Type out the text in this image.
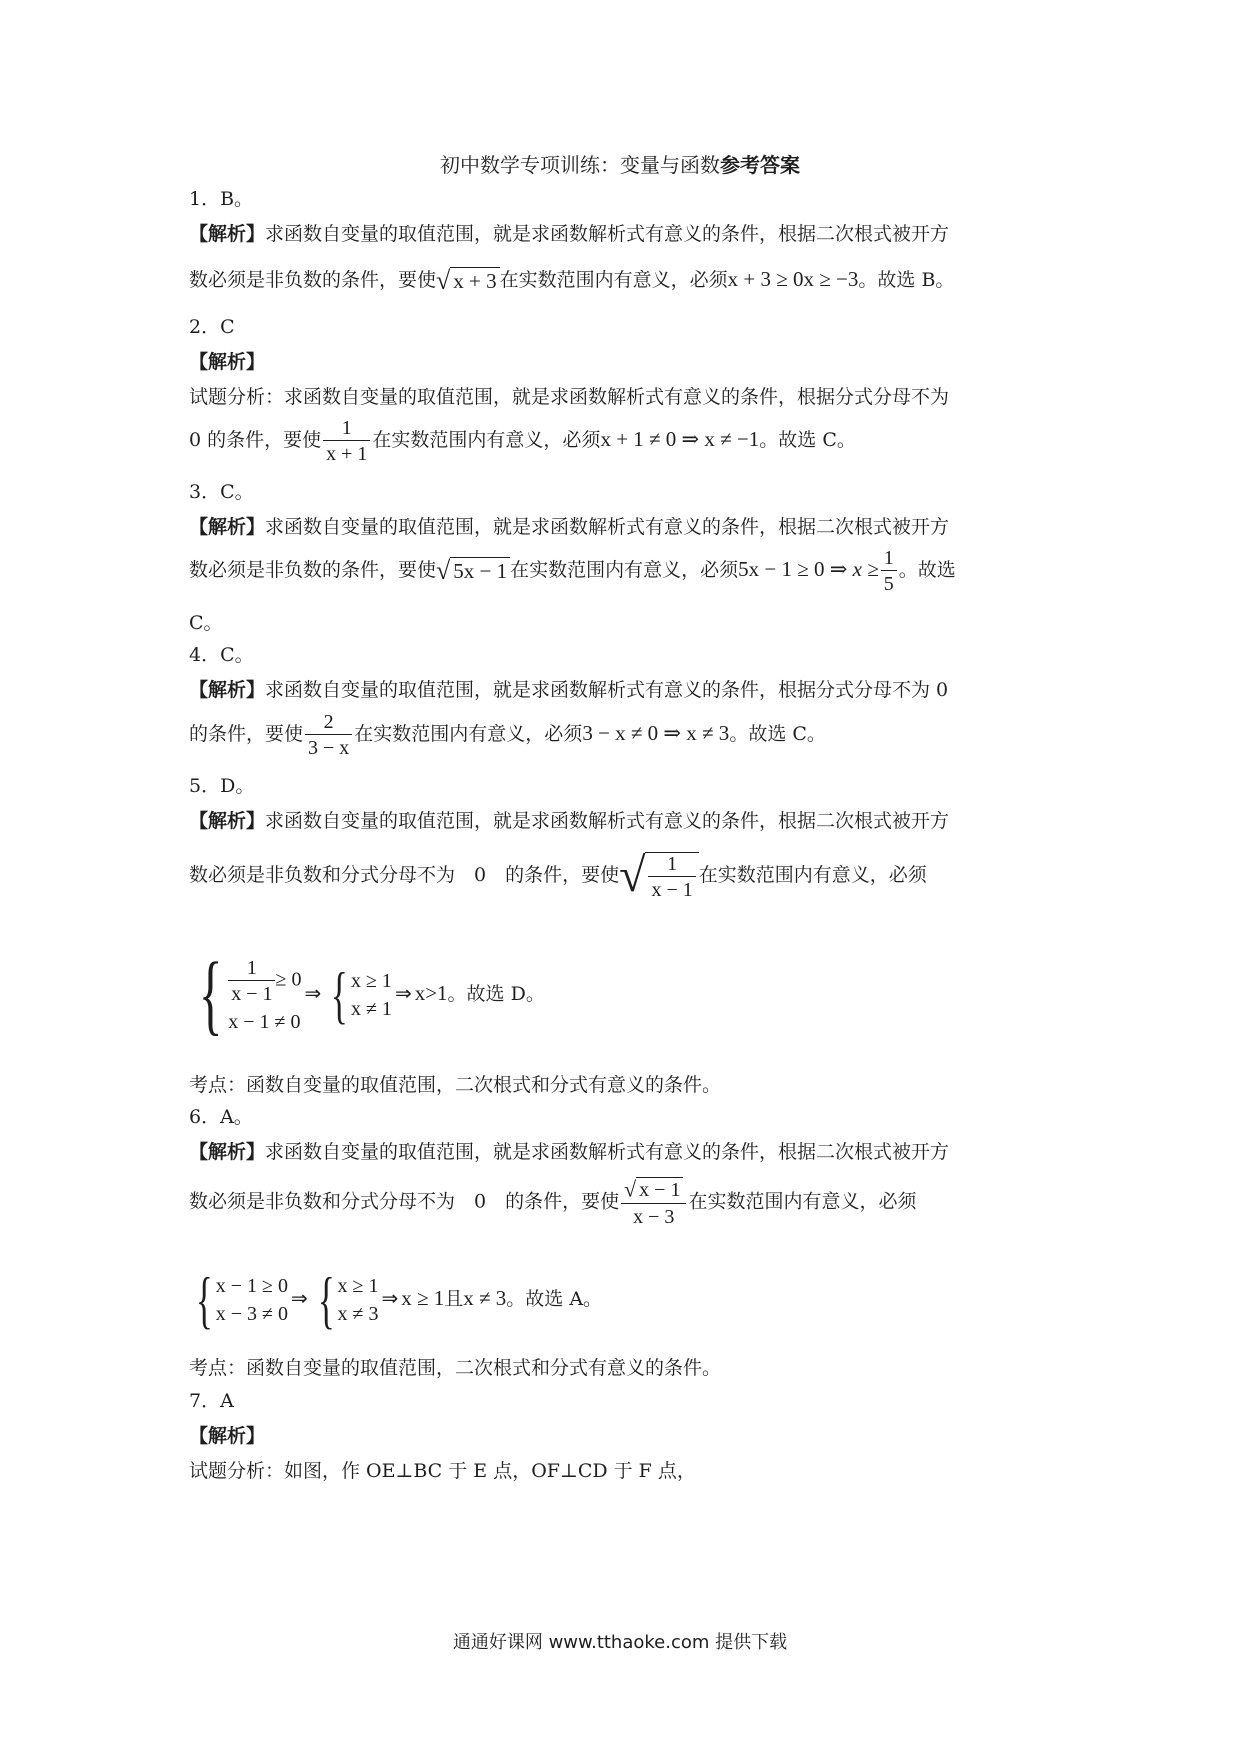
初中数学专项训练：变量与函数参考答案
1．B。
【解析】求函数自变量的取值范围，就是求函数解析式有意义的条件，根据二次根式被开方
数必须是非负数的条件，要使√ x + 3 在实数范围内有意义，必须x + 3 ≥ 0x ≥ −3。故选 B。
2．C
【解析】
试题分析：求函数自变量的取值范围，就是求函数解析式有意义的条件，根据分式分母不为
0 的条件，要使 $\frac{1}{x + 1}$ 在实数范围内有意义，必须x + 1 ≠ 0 ⇒ x ≠ −1。故选 C。
3．C。
【解析】求函数自变量的取值范围，就是求函数解析式有意义的条件，根据二次根式被开方
数必须是非负数的条件，要使√ 5x − 1 在实数范围内有意义，必须5x − 1 ≥ 0 ⇒ $x \ge \frac{1}{5}$ 。故选
C。
4．C。
【解析】求函数自变量的取值范围，就是求函数解析式有意义的条件，根据分式分母不为 0
的条件，要使 $\frac{2}{3 - x}$ 在实数范围内有意义，必须3 − x ≠ 0 ⇒ x ≠ 3。故选 C。
5．D。
【解析】求函数自变量的取值范围，就是求函数解析式有意义的条件，根据二次根式被开方
数必须是非负数和分式分母不为　0　的条件，要使√ $\frac{1}{x - 1}$ 在实数范围内有意义，必须
{ $\frac{1}{x - 1} \ge 0$
x − 1 ≠ 0
⇒ { x ≥ 1
x ≠ 1
⇒ x>1。故选 D。
考点：函数自变量的取值范围，二次根式和分式有意义的条件。
6．A。
【解析】求函数自变量的取值范围，就是求函数解析式有意义的条件，根据二次根式被开方
数必须是非负数和分式分母不为　0　的条件，要使 $\frac{√ x - 1}{x - 3}$ 在实数范围内有意义，必须
{ x − 1 ≥ 0
x − 3 ≠ 0
⇒ { x ≥ 1
x ≠ 3
⇒ x ≥ 1且x ≠ 3。故选 A。
考点：函数自变量的取值范围，二次根式和分式有意义的条件。
7．A
【解析】
试题分析：如图，作 OE⊥BC 于 E 点，OF⊥CD 于 F 点，
通通好课网 www.tthaoke.com 提供下载
